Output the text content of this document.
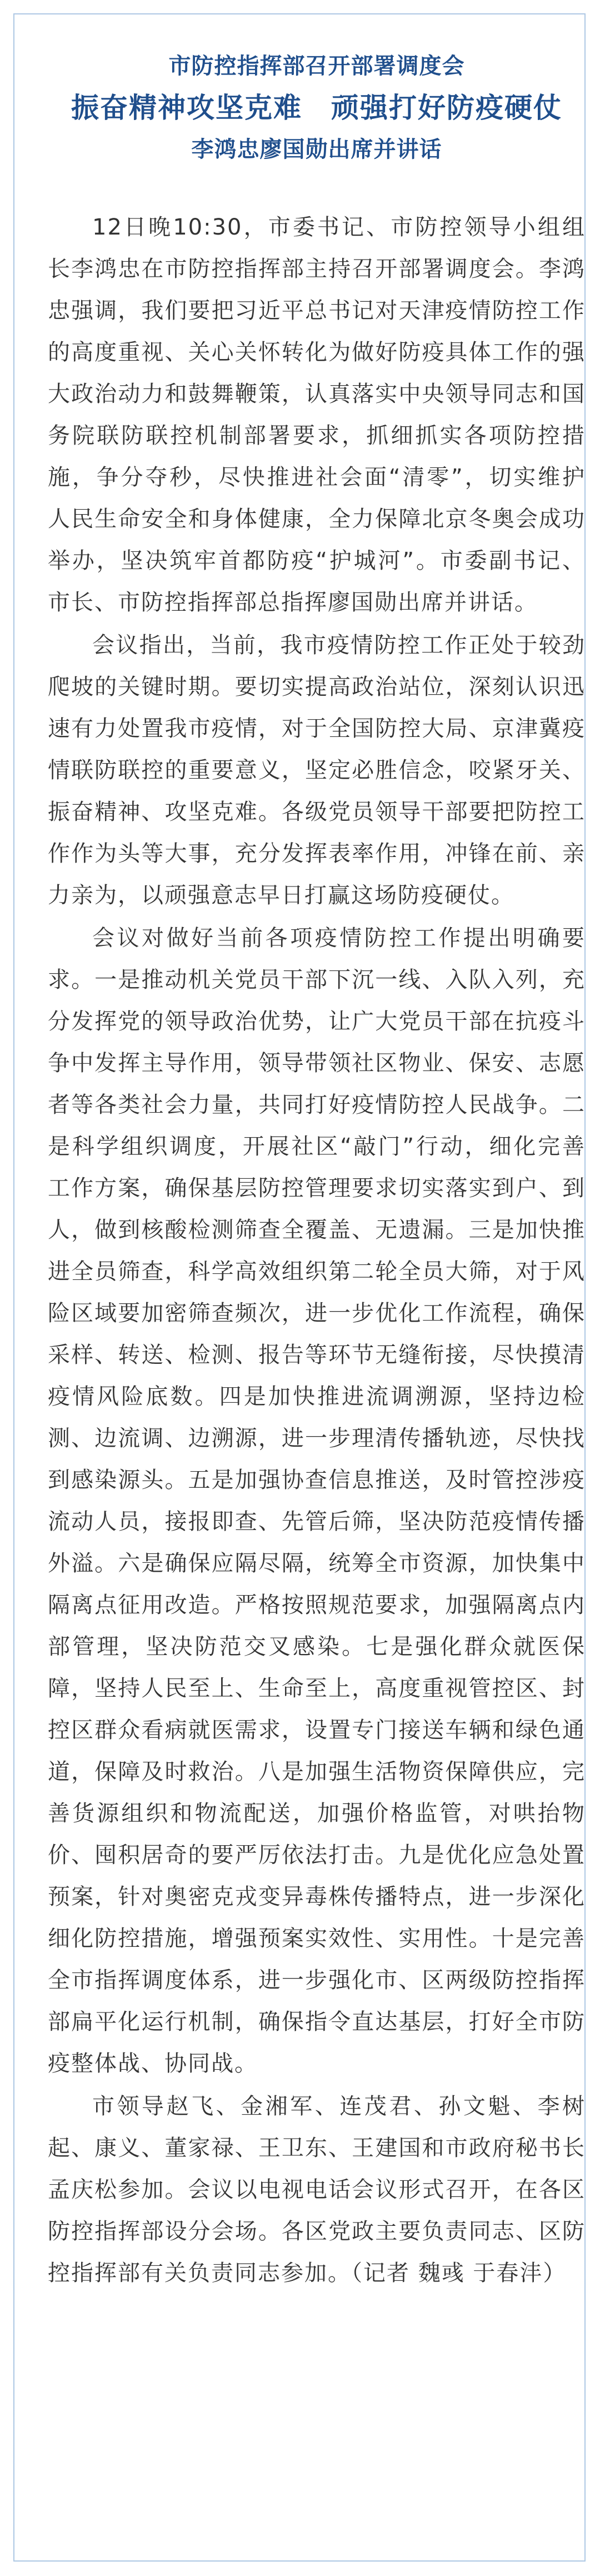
市防控指挥部召开部署调度会
振奋精神攻坚克难　顽强打好防疫硬仗
李鸿忠廖国勋出席并讲话

12日晚10:30，市委书记、市防控领导小组组长李鸿忠在市防控指挥部主持召开部署调度会。李鸿忠强调，我们要把习近平总书记对天津疫情防控工作的高度重视、关心关怀转化为做好防疫具体工作的强大政治动力和鼓舞鞭策，认真落实中央领导同志和国务院联防联控机制部署要求，抓细抓实各项防控措施，争分夺秒，尽快推进社会面“清零”，切实维护人民生命安全和身体健康，全力保障北京冬奥会成功举办，坚决筑牢首都防疫“护城河”。市委副书记、市长、市防控指挥部总指挥廖国勋出席并讲话。

会议指出，当前，我市疫情防控工作正处于较劲爬坡的关键时期。要切实提高政治站位，深刻认识迅速有力处置我市疫情，对于全国防控大局、京津冀疫情联防联控的重要意义，坚定必胜信念，咬紧牙关、振奋精神、攻坚克难。各级党员领导干部要把防控工作作为头等大事，充分发挥表率作用，冲锋在前、亲力亲为，以顽强意志早日打赢这场防疫硬仗。

会议对做好当前各项疫情防控工作提出明确要求。一是推动机关党员干部下沉一线、入队入列，充分发挥党的领导政治优势，让广大党员干部在抗疫斗争中发挥主导作用，领导带领社区物业、保安、志愿者等各类社会力量，共同打好疫情防控人民战争。二是科学组织调度，开展社区“敲门”行动，细化完善工作方案，确保基层防控管理要求切实落实到户、到人，做到核酸检测筛查全覆盖、无遗漏。三是加快推进全员筛查，科学高效组织第二轮全员大筛，对于风险区域要加密筛查频次，进一步优化工作流程，确保采样、转送、检测、报告等环节无缝衔接，尽快摸清疫情风险底数。四是加快推进流调溯源，坚持边检测、边流调、边溯源，进一步理清传播轨迹，尽快找到感染源头。五是加强协查信息推送，及时管控涉疫流动人员，接报即查、先管后筛，坚决防范疫情传播外溢。六是确保应隔尽隔，统筹全市资源，加快集中隔离点征用改造。严格按照规范要求，加强隔离点内部管理，坚决防范交叉感染。七是强化群众就医保障，坚持人民至上、生命至上，高度重视管控区、封控区群众看病就医需求，设置专门接送车辆和绿色通道，保障及时救治。八是加强生活物资保障供应，完善货源组织和物流配送，加强价格监管，对哄抬物价、囤积居奇的要严厉依法打击。九是优化应急处置预案，针对奥密克戎变异毒株传播特点，进一步深化细化防控措施，增强预案实效性、实用性。十是完善全市指挥调度体系，进一步强化市、区两级防控指挥部扁平化运行机制，确保指令直达基层，打好全市防疫整体战、协同战。

市领导赵飞、金湘军、连茂君、孙文魁、李树起、康义、董家禄、王卫东、王建国和市政府秘书长孟庆松参加。会议以电视电话会议形式召开，在各区防控指挥部设分会场。各区党政主要负责同志、区防控指挥部有关负责同志参加。（记者 魏彧 于春沣）
